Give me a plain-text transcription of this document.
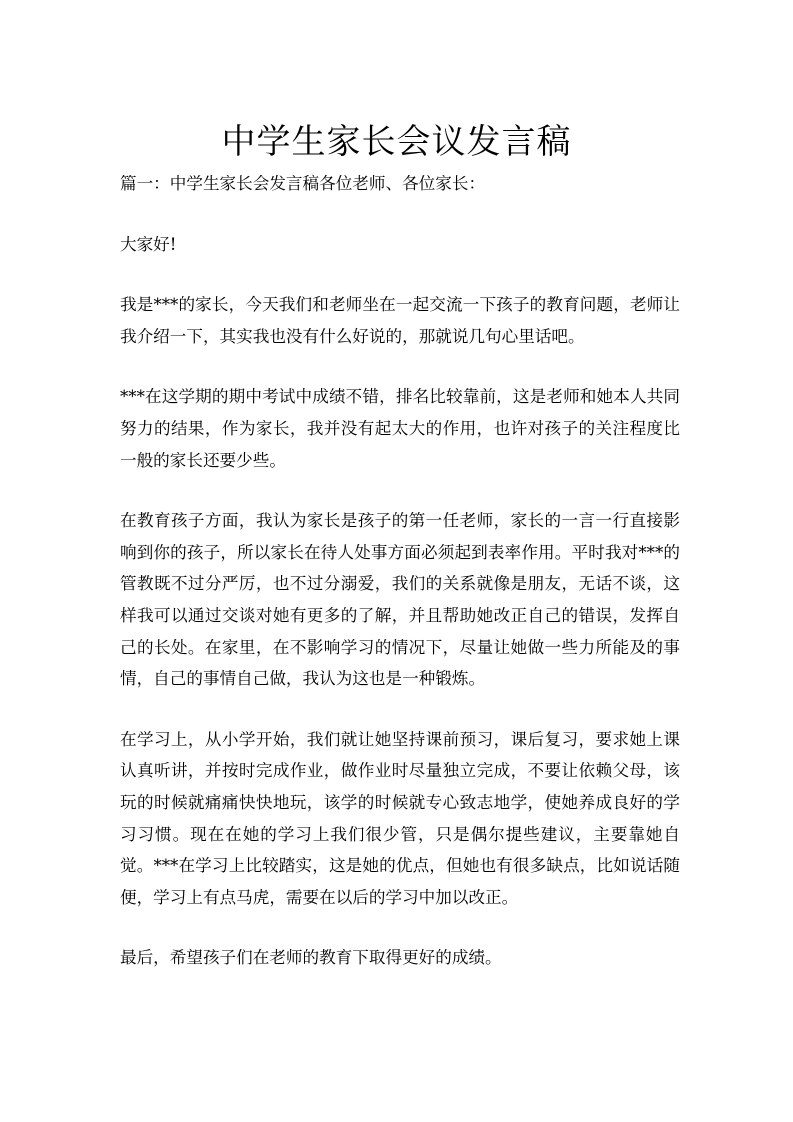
中学生家长会议发言稿

篇一：中学生家长会发言稿各位老师、各位家长：

大家好!

我是***的家长，今天我们和老师坐在一起交流一下孩子的教育问题，老师让我介绍一下，其实我也没有什么好说的，那就说几句心里话吧。

***在这学期的期中考试中成绩不错，排名比较靠前，这是老师和她本人共同努力的结果，作为家长，我并没有起太大的作用，也许对孩子的关注程度比一般的家长还要少些。

在教育孩子方面，我认为家长是孩子的第一任老师，家长的一言一行直接影响到你的孩子，所以家长在待人处事方面必须起到表率作用。平时我对***的管教既不过分严厉，也不过分溺爱，我们的关系就像是朋友，无话不谈，这样我可以通过交谈对她有更多的了解，并且帮助她改正自己的错误，发挥自己的长处。在家里，在不影响学习的情况下，尽量让她做一些力所能及的事情，自己的事情自己做，我认为这也是一种锻炼。

在学习上，从小学开始，我们就让她坚持课前预习，课后复习，要求她上课认真听讲，并按时完成作业，做作业时尽量独立完成，不要让依赖父母，该玩的时候就痛痛快快地玩，该学的时候就专心致志地学，使她养成良好的学习习惯。现在在她的学习上我们很少管，只是偶尔提些建议，主要靠她自觉。***在学习上比较踏实，这是她的优点，但她也有很多缺点，比如说话随便，学习上有点马虎，需要在以后的学习中加以改正。

最后，希望孩子们在老师的教育下取得更好的成绩。
